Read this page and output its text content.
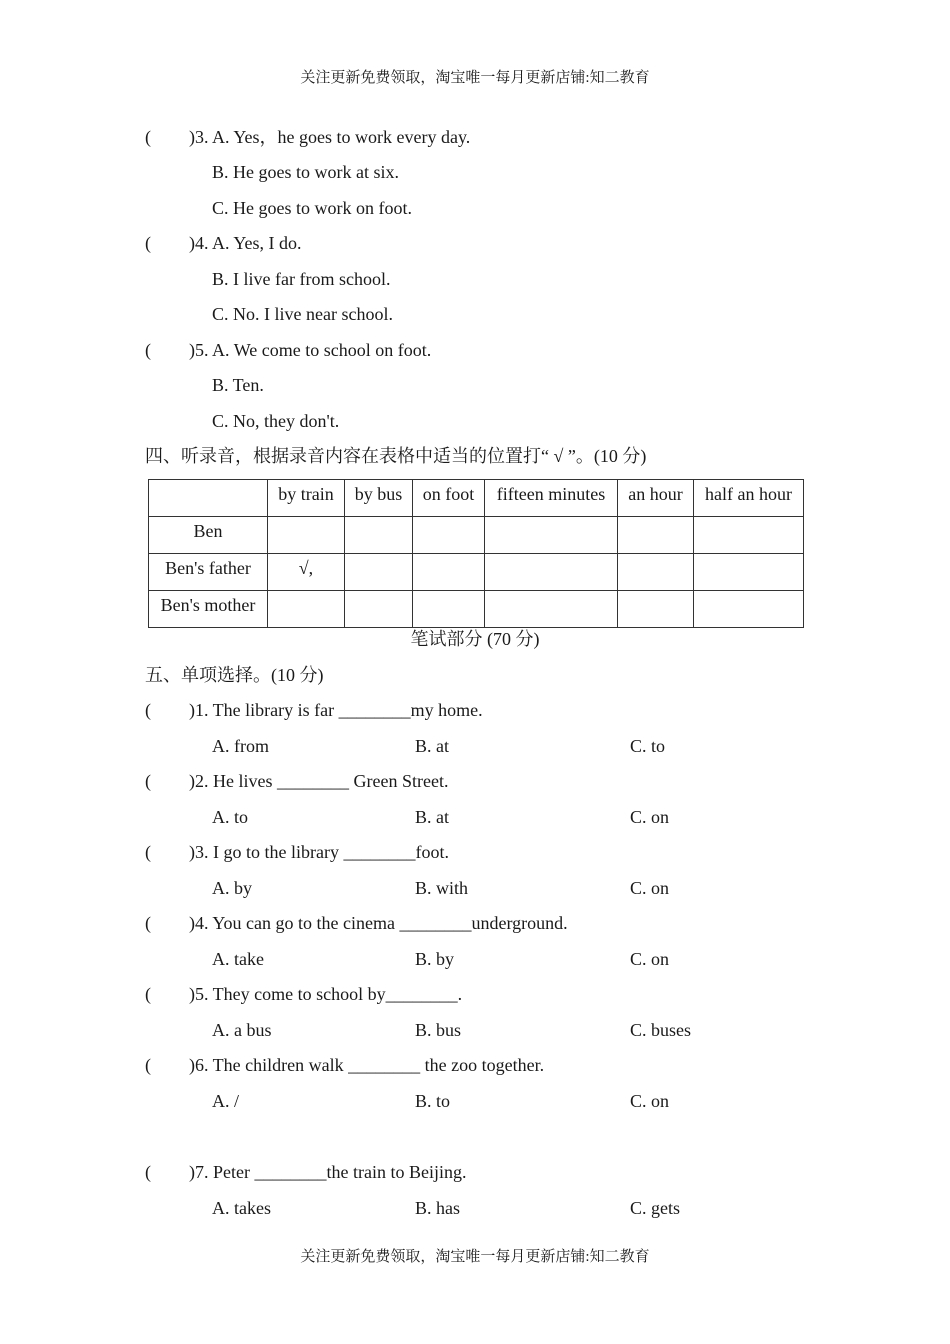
关注更新免费领取，淘宝唯一每月更新店铺:知二教育
( )3. A. Yes，he goes to work every day.
B. He goes to work at six.
C. He goes to work on foot.
( )4. A. Yes, I do.
B. I live far from school.
C. No. I live near school.
( )5. A. We come to school on foot.
B. Ten.
C. No, they don't.
四、听录音，根据录音内容在表格中适当的位置打“ √ ”。(10 分)
	by train	by bus	on foot	fifteen minutes	an hour	half an hour
Ben						
Ben's father	√,					
Ben's mother						
笔试部分 (70 分)
五、单项选择。(10 分)
( )1. The library is far ________my home.
A. from	B. at	C. to
( )2. He lives ________ Green Street.
A. to	B. at	C. on
( )3. I go to the library ________foot.
A. by	B. with	C. on
( )4. You can go to the cinema ________underground.
A. take	B. by	C. on
( )5. They come to school by________.
A. a bus	B. bus	C. buses
( )6. The children walk ________ the zoo together.
A. /	B. to	C. on
( )7. Peter ________the train to Beijing.
A. takes	B. has	C. gets
关注更新免费领取，淘宝唯一每月更新店铺:知二教育
